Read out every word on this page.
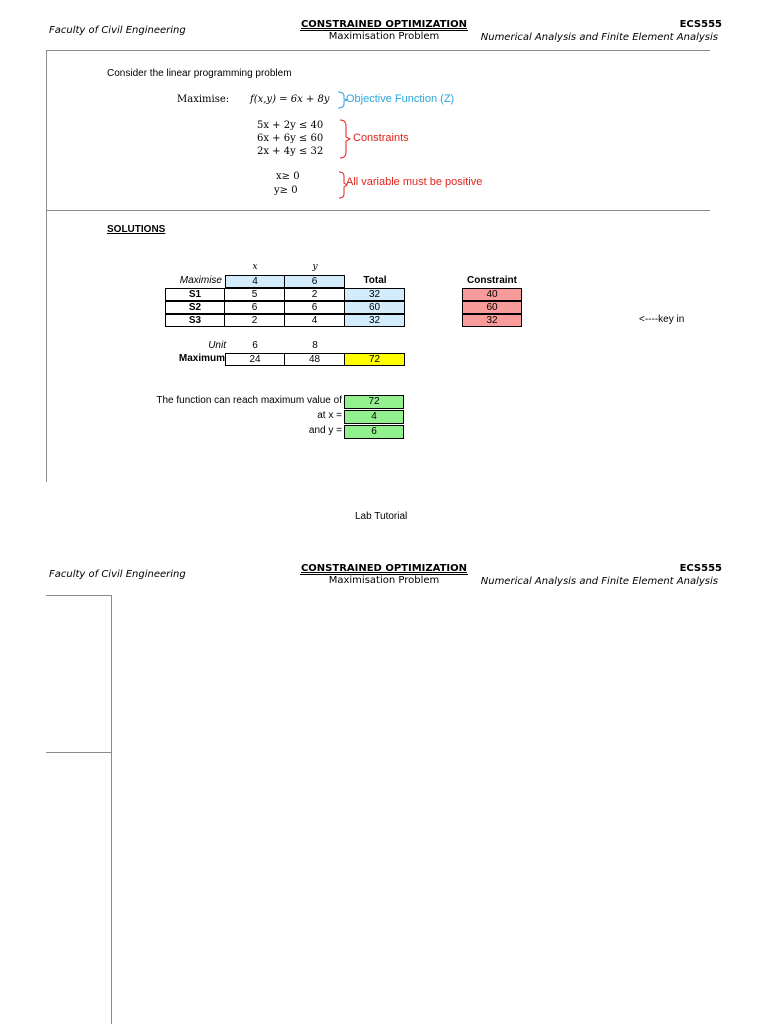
Faculty of Civil Engineering
CONSTRAINED OPTIMIZATION
Maximisation Problem
ECS555
Numerical Analysis and Finite Element Analysis
Consider the linear programming problem
Maximise: f(x,y) = 6x + 8y Objective Function (Z)
5x + 2y ≤ 40
6x + 6y ≤ 60
2x + 4y ≤ 32
Constraints
x≥ 0
y≥ 0
All variable must be positive
SOLUTIONS
x	y
Total	Constraint
Maximise	4	6
S1	5	2	32	40
S2	6	6	60	60
S3	2	4	32	32	<----key in
Unit	6	8
Maximum	24	48	72
The function can reach maximum value of	72
at x =	4
and y =	6
Lab Tutorial
Faculty of Civil Engineering
CONSTRAINED OPTIMIZATION
Maximisation Problem
ECS555
Numerical Analysis and Finite Element Analysis
